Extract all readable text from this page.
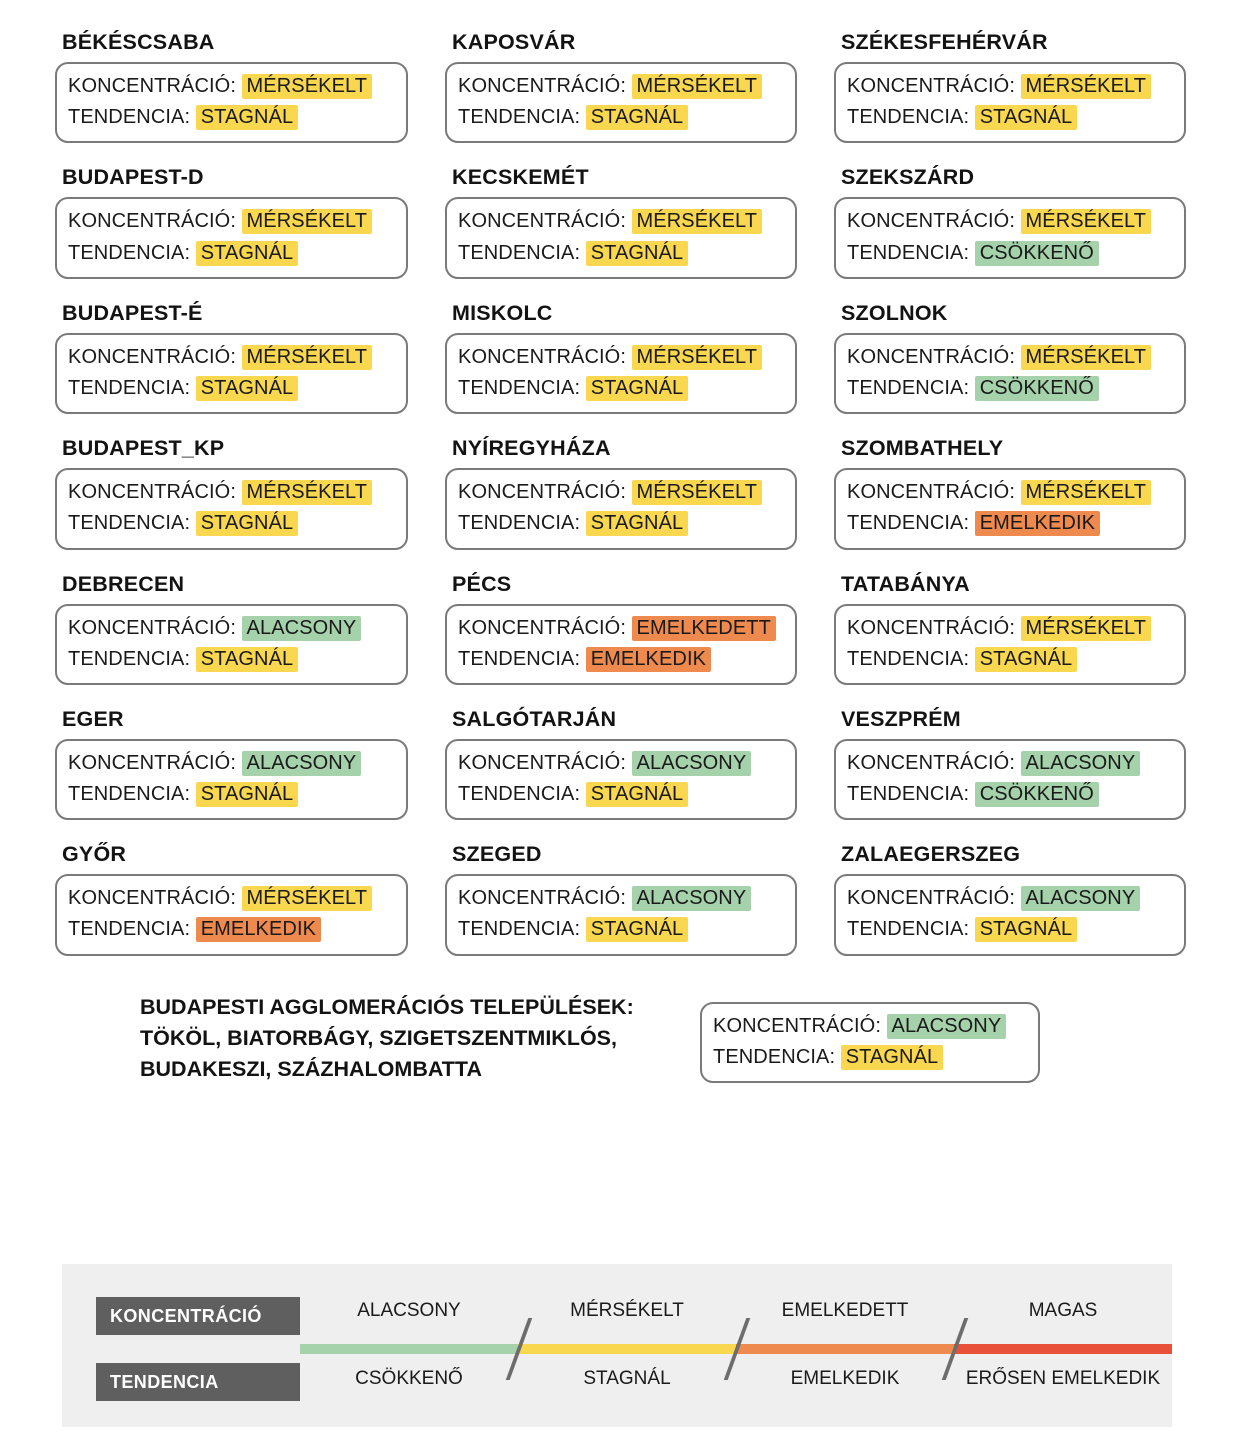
BÉKÉSCSABA
KONCENTRÁCIÓ: MÉRSÉKELT
TENDENCIA: STAGNÁL
KAPOSVÁR
KONCENTRÁCIÓ: MÉRSÉKELT
TENDENCIA: STAGNÁL
SZÉKESFEHÉRVÁR
KONCENTRÁCIÓ: MÉRSÉKELT
TENDENCIA: STAGNÁL
BUDAPEST-D
KONCENTRÁCIÓ: MÉRSÉKELT
TENDENCIA: STAGNÁL
KECSKEMÉT
KONCENTRÁCIÓ: MÉRSÉKELT
TENDENCIA: STAGNÁL
SZEKSZÁRD
KONCENTRÁCIÓ: MÉRSÉKELT
TENDENCIA: CSÖKKENŐ
BUDAPEST-É
KONCENTRÁCIÓ: MÉRSÉKELT
TENDENCIA: STAGNÁL
MISKOLC
KONCENTRÁCIÓ: MÉRSÉKELT
TENDENCIA: STAGNÁL
SZOLNOK
KONCENTRÁCIÓ: MÉRSÉKELT
TENDENCIA: CSÖKKENŐ
BUDAPEST_KP
KONCENTRÁCIÓ: MÉRSÉKELT
TENDENCIA: STAGNÁL
NYÍREGYHÁZA
KONCENTRÁCIÓ: MÉRSÉKELT
TENDENCIA: STAGNÁL
SZOMBATHELY
KONCENTRÁCIÓ: MÉRSÉKELT
TENDENCIA: EMELKEDIK
DEBRECEN
KONCENTRÁCIÓ: ALACSONY
TENDENCIA: STAGNÁL
PÉCS
KONCENTRÁCIÓ: EMELKEDETT
TENDENCIA: EMELKEDIK
TATABÁNYA
KONCENTRÁCIÓ: MÉRSÉKELT
TENDENCIA: STAGNÁL
EGER
KONCENTRÁCIÓ: ALACSONY
TENDENCIA: STAGNÁL
SALGÓTARJÁN
KONCENTRÁCIÓ: ALACSONY
TENDENCIA: STAGNÁL
VESZPRÉM
KONCENTRÁCIÓ: ALACSONY
TENDENCIA: CSÖKKENŐ
GYŐR
KONCENTRÁCIÓ: MÉRSÉKELT
TENDENCIA: EMELKEDIK
SZEGED
KONCENTRÁCIÓ: ALACSONY
TENDENCIA: STAGNÁL
ZALAEGERSZEG
KONCENTRÁCIÓ: ALACSONY
TENDENCIA: STAGNÁL
BUDAPESTI AGGLOMERÁCIÓS TELEPÜLÉSEK:
TÖKÖL, BIATORBÁGY, SZIGETSZENTMIKLÓS,
BUDAKESZI, SZÁZHALOMBATTA
KONCENTRÁCIÓ: ALACSONY
TENDENCIA: STAGNÁL
KONCENTRÁCIÓ
TENDENCIA
ALACSONY	MÉRSÉKELT	EMELKEDETT	MAGAS
CSÖKKENŐ	STAGNÁL	EMELKEDIK	ERŐSEN EMELKEDIK
